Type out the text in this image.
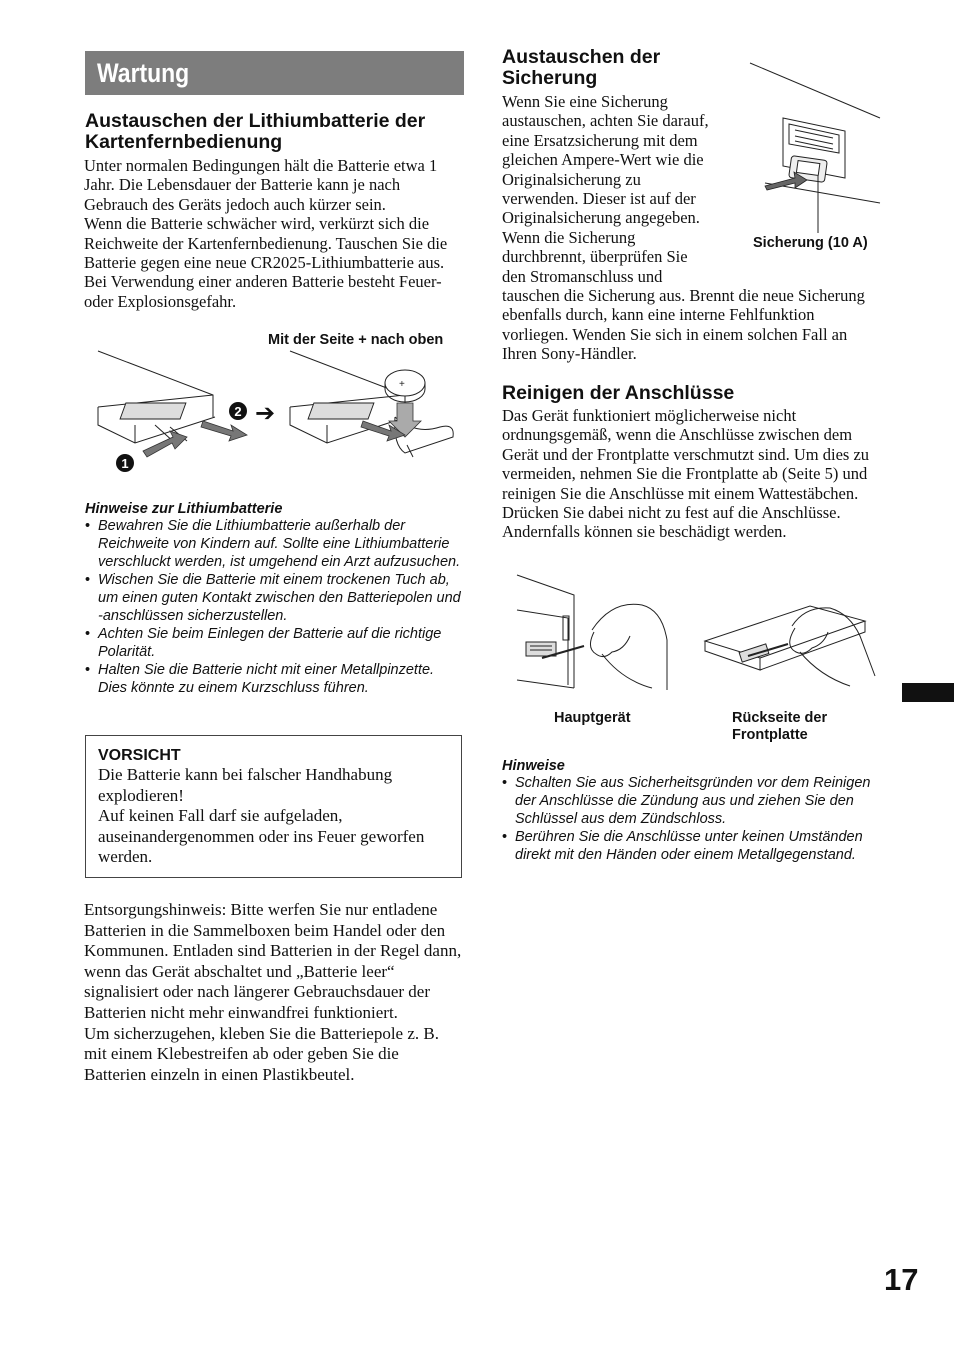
Wartung
Austauschen der Lithiumbatterie der Kartenfernbedienung

Unter normalen Bedingungen hält die Batterie etwa 1 Jahr. Die Lebensdauer der Batterie kann je nach Gebrauch des Geräts jedoch auch kürzer sein.

Wenn die Batterie schwächer wird, verkürzt sich die Reichweite der Kartenfernbedienung. Tauschen Sie die Batterie gegen eine neue CR2025-Lithiumbatterie aus. Bei Verwendung einer anderen Batterie besteht Feuer- oder Explosionsgefahr.

Mit der Seite + nach oben
1
2 ➔
+
Hinweise zur Lithiumbatterie
• Bewahren Sie die Lithiumbatterie außerhalb der Reichweite von Kindern auf. Sollte eine Lithiumbatterie verschluckt werden, ist umgehend ein Arzt aufzusuchen.
• Wischen Sie die Batterie mit einem trockenen Tuch ab, um einen guten Kontakt zwischen den Batteriepolen und -anschlüssen sicherzustellen.
• Achten Sie beim Einlegen der Batterie auf die richtige Polarität.
• Halten Sie die Batterie nicht mit einer Metallpinzette. Dies könnte zu einem Kurzschluss führen.
VORSICHT

Die Batterie kann bei falscher Handhabung explodieren!

Auf keinen Fall darf sie aufgeladen, auseinandergenommen oder ins Feuer geworfen werden.

Entsorgungshinweis: Bitte werfen Sie nur entladene Batterien in die Sammelboxen beim Handel oder den Kommunen. Entladen sind Batterien in der Regel dann, wenn das Gerät abschaltet und „Batterie leer“ signalisiert oder nach längerer Gebrauchsdauer der Batterien nicht mehr einwandfrei funktioniert.

Um sicherzugehen, kleben Sie die Batteriepole z. B. mit einem Klebestreifen ab oder geben Sie die Batterien einzeln in einen Plastikbeutel.

Austauschen der Sicherung

Wenn Sie eine Sicherung

austauschen, achten Sie darauf,

eine Ersatzsicherung mit dem

gleichen Ampere-Wert wie die

Originalsicherung zu

verwenden. Dieser ist auf der

Originalsicherung angegeben.

Wenn die Sicherung

durchbrennt, überprüfen Sie

den Stromanschluss und

tauschen die Sicherung aus. Brennt die neue Sicherung ebenfalls durch, kann eine interne Fehlfunktion vorliegen. Wenden Sie sich in einem solchen Fall an Ihren Sony-Händler.
Sicherung (10 A)
Reinigen der Anschlüsse
Das Gerät funktioniert möglicherweise nicht ordnungsgemäß, wenn die Anschlüsse zwischen dem Gerät und der Frontplatte verschmutzt sind. Um dies zu vermeiden, nehmen Sie die Frontplatte ab (Seite 5) und reinigen Sie die Anschlüsse mit einem Wattestäbchen. Drücken Sie dabei nicht zu fest auf die Anschlüsse. Andernfalls können sie beschädigt werden.
Hauptgerät	Rückseite der Frontplatte
Hinweise
• Schalten Sie aus Sicherheitsgründen vor dem Reinigen der Anschlüsse die Zündung aus und ziehen Sie den Schlüssel aus dem Zündschloss.
• Berühren Sie die Anschlüsse unter keinen Umständen direkt mit den Händen oder einem Metallgegenstand.
17
